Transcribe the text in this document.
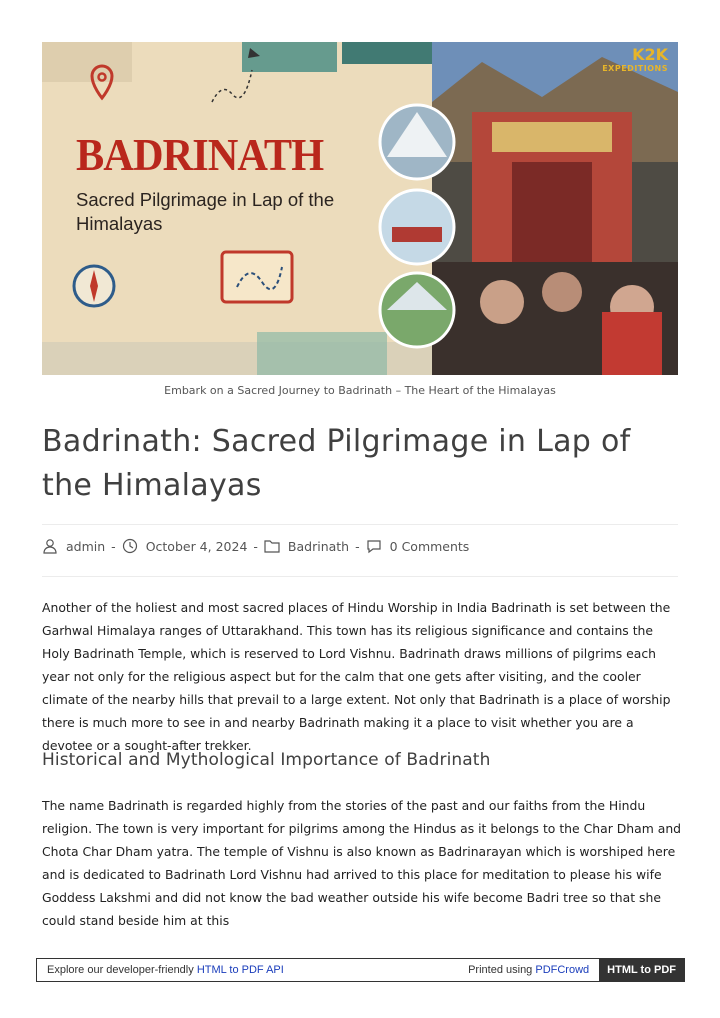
BADRINATH
Sacred Pilgrimage in Lap of the Himalayas
K2K
EXPEDITIONS
Embark on a Sacred Journey to Badrinath – The Heart of the Himalayas
Badrinath: Sacred Pilgrimage in Lap of the Himalayas
admin - October 4, 2024 - Badrinath - 0 Comments

Another of the holiest and most sacred places of Hindu Worship in India Badrinath is set between the Garhwal Himalaya ranges of Uttarakhand. This town has its religious significance and contains the Holy Badrinath Temple, which is reserved to Lord Vishnu. Badrinath draws millions of pilgrims each year not only for the religious aspect but for the calm that one gets after visiting, and the cooler climate of the nearby hills that prevail to a large extent. Not only that Badrinath is a place of worship there is much more to see in and nearby Badrinath making it a place to visit whether you are a devotee or a sought-after trekker.

Historical and Mythological Importance of Badrinath

The name Badrinath is regarded highly from the stories of the past and our faiths from the Hindu religion. The town is very important for pilgrims among the Hindus as it belongs to the Char Dham and Chota Char Dham yatra. The temple of Vishnu is also known as Badrinarayan which is worshiped here and is dedicated to Badrinath Lord Vishnu had arrived to this place for meditation to please his wife Goddess Lakshmi and did not know the bad weather outside his wife become Badri tree so that she could stand beside him at this

Explore our developer-friendly HTML to PDF API	Printed using PDFCrowd	HTML to PDF
